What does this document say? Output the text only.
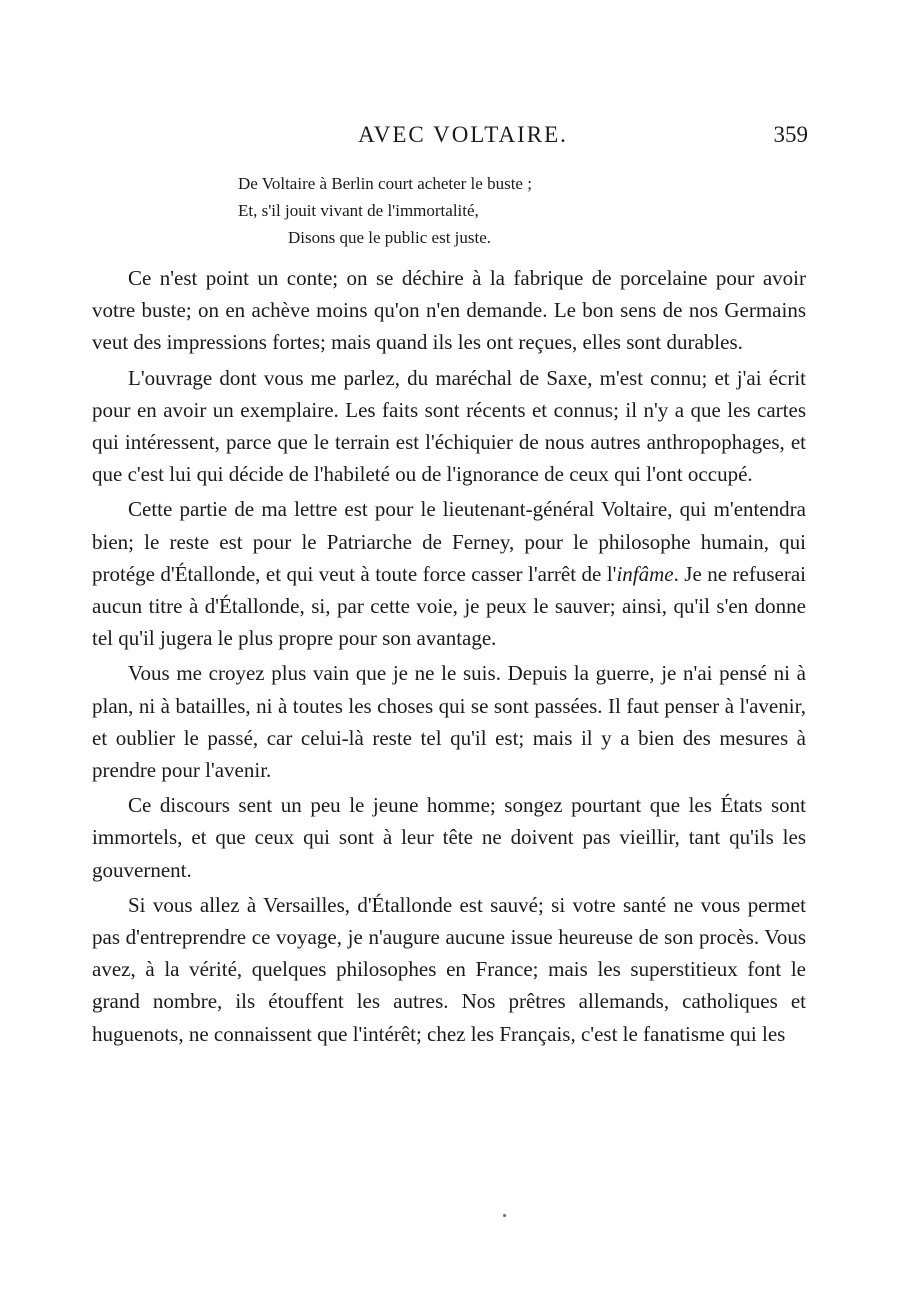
AVEC VOLTAIRE.	359
De Voltaire à Berlin court acheter le buste ;
Et, s'il jouit vivant de l'immortalité,
Disons que le public est juste.

Ce n'est point un conte; on se déchire à la fabrique de porcelaine pour avoir votre buste; on en achève moins qu'on n'en demande. Le bon sens de nos Germains veut des impressions fortes; mais quand ils les ont reçues, elles sont durables.

L'ouvrage dont vous me parlez, du maréchal de Saxe, m'est connu; et j'ai écrit pour en avoir un exemplaire. Les faits sont récents et connus; il n'y a que les cartes qui intéressent, parce que le terrain est l'échiquier de nous autres anthropophages, et que c'est lui qui décide de l'habileté ou de l'ignorance de ceux qui l'ont occupé.

Cette partie de ma lettre est pour le lieutenant-général Voltaire, qui m'entendra bien; le reste est pour le Patriarche de Ferney, pour le philosophe humain, qui protége d'Étallonde, et qui veut à toute force casser l'arrêt de l'infâme. Je ne refuserai aucun titre à d'Étallonde, si, par cette voie, je peux le sauver; ainsi, qu'il s'en donne tel qu'il jugera le plus propre pour son avantage.

Vous me croyez plus vain que je ne le suis. Depuis la guerre, je n'ai pensé ni à plan, ni à batailles, ni à toutes les choses qui se sont passées. Il faut penser à l'avenir, et oublier le passé, car celui-là reste tel qu'il est; mais il y a bien des mesures à prendre pour l'avenir.

Ce discours sent un peu le jeune homme; songez pourtant que les États sont immortels, et que ceux qui sont à leur tête ne doivent pas vieillir, tant qu'ils les gouvernent.

Si vous allez à Versailles, d'Étallonde est sauvé; si votre santé ne vous permet pas d'entreprendre ce voyage, je n'augure aucune issue heureuse de son procès. Vous avez, à la vérité, quelques philosophes en France; mais les superstitieux font le grand nombre, ils étouffent les autres. Nos prêtres allemands, catholiques et huguenots, ne connaissent que l'intérêt; chez les Français, c'est le fanatisme qui les
